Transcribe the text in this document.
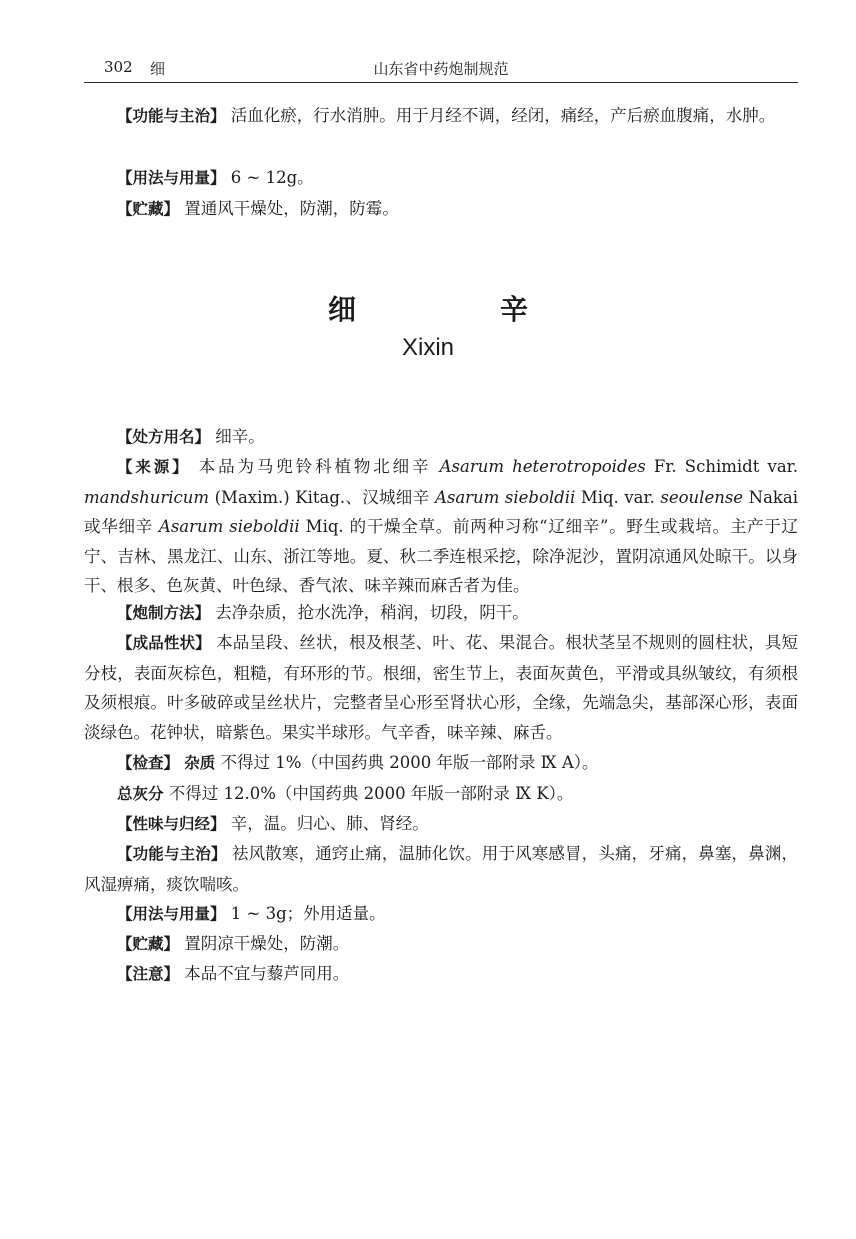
302 细	山东省中药炮制规范

【功能与主治】 活血化瘀，行水消肿。用于月经不调，经闭，痛经，产后瘀血腹痛，水肿。

【用法与用量】 6 ~ 12g。

【贮藏】 置通风干燥处，防潮，防霉。

细　辛
Xixin

【处方用名】 细辛。

【来源】 本品为马兜铃科植物北细辛 Asarum heterotropoides Fr. Schimidt var. mandshuricum (Maxim.) Kitag.、汉城细辛 Asarum sieboldii Miq. var. seoulense Nakai 或华细辛 Asarum sieboldii Miq. 的干燥全草。前两种习称“辽细辛”。野生或栽培。主产于辽宁、吉林、黑龙江、山东、浙江等地。夏、秋二季连根采挖，除净泥沙，置阴凉通风处晾干。以身干、根多、色灰黄、叶色绿、香气浓、味辛辣而麻舌者为佳。

【炮制方法】 去净杂质，抢水洗净，稍润，切段，阴干。

【成品性状】 本品呈段、丝状，根及根茎、叶、花、果混合。根状茎呈不规则的圆柱状，具短分枝，表面灰棕色，粗糙，有环形的节。根细，密生节上，表面灰黄色，平滑或具纵皱纹，有须根及须根痕。叶多破碎或呈丝状片，完整者呈心形至肾状心形，全缘，先端急尖，基部深心形，表面淡绿色。花钟状，暗紫色。果实半球形。气辛香，味辛辣、麻舌。

【检查】 杂质 不得过 1%（中国药典 2000 年版一部附录 Ⅸ A）。

总灰分 不得过 12.0%（中国药典 2000 年版一部附录 Ⅸ K）。

【性味与归经】 辛，温。归心、肺、肾经。

【功能与主治】 祛风散寒，通窍止痛，温肺化饮。用于风寒感冒，头痛，牙痛，鼻塞，鼻渊，风湿痹痛，痰饮喘咳。

【用法与用量】 1 ~ 3g；外用适量。

【贮藏】 置阴凉干燥处，防潮。

【注意】 本品不宜与藜芦同用。
